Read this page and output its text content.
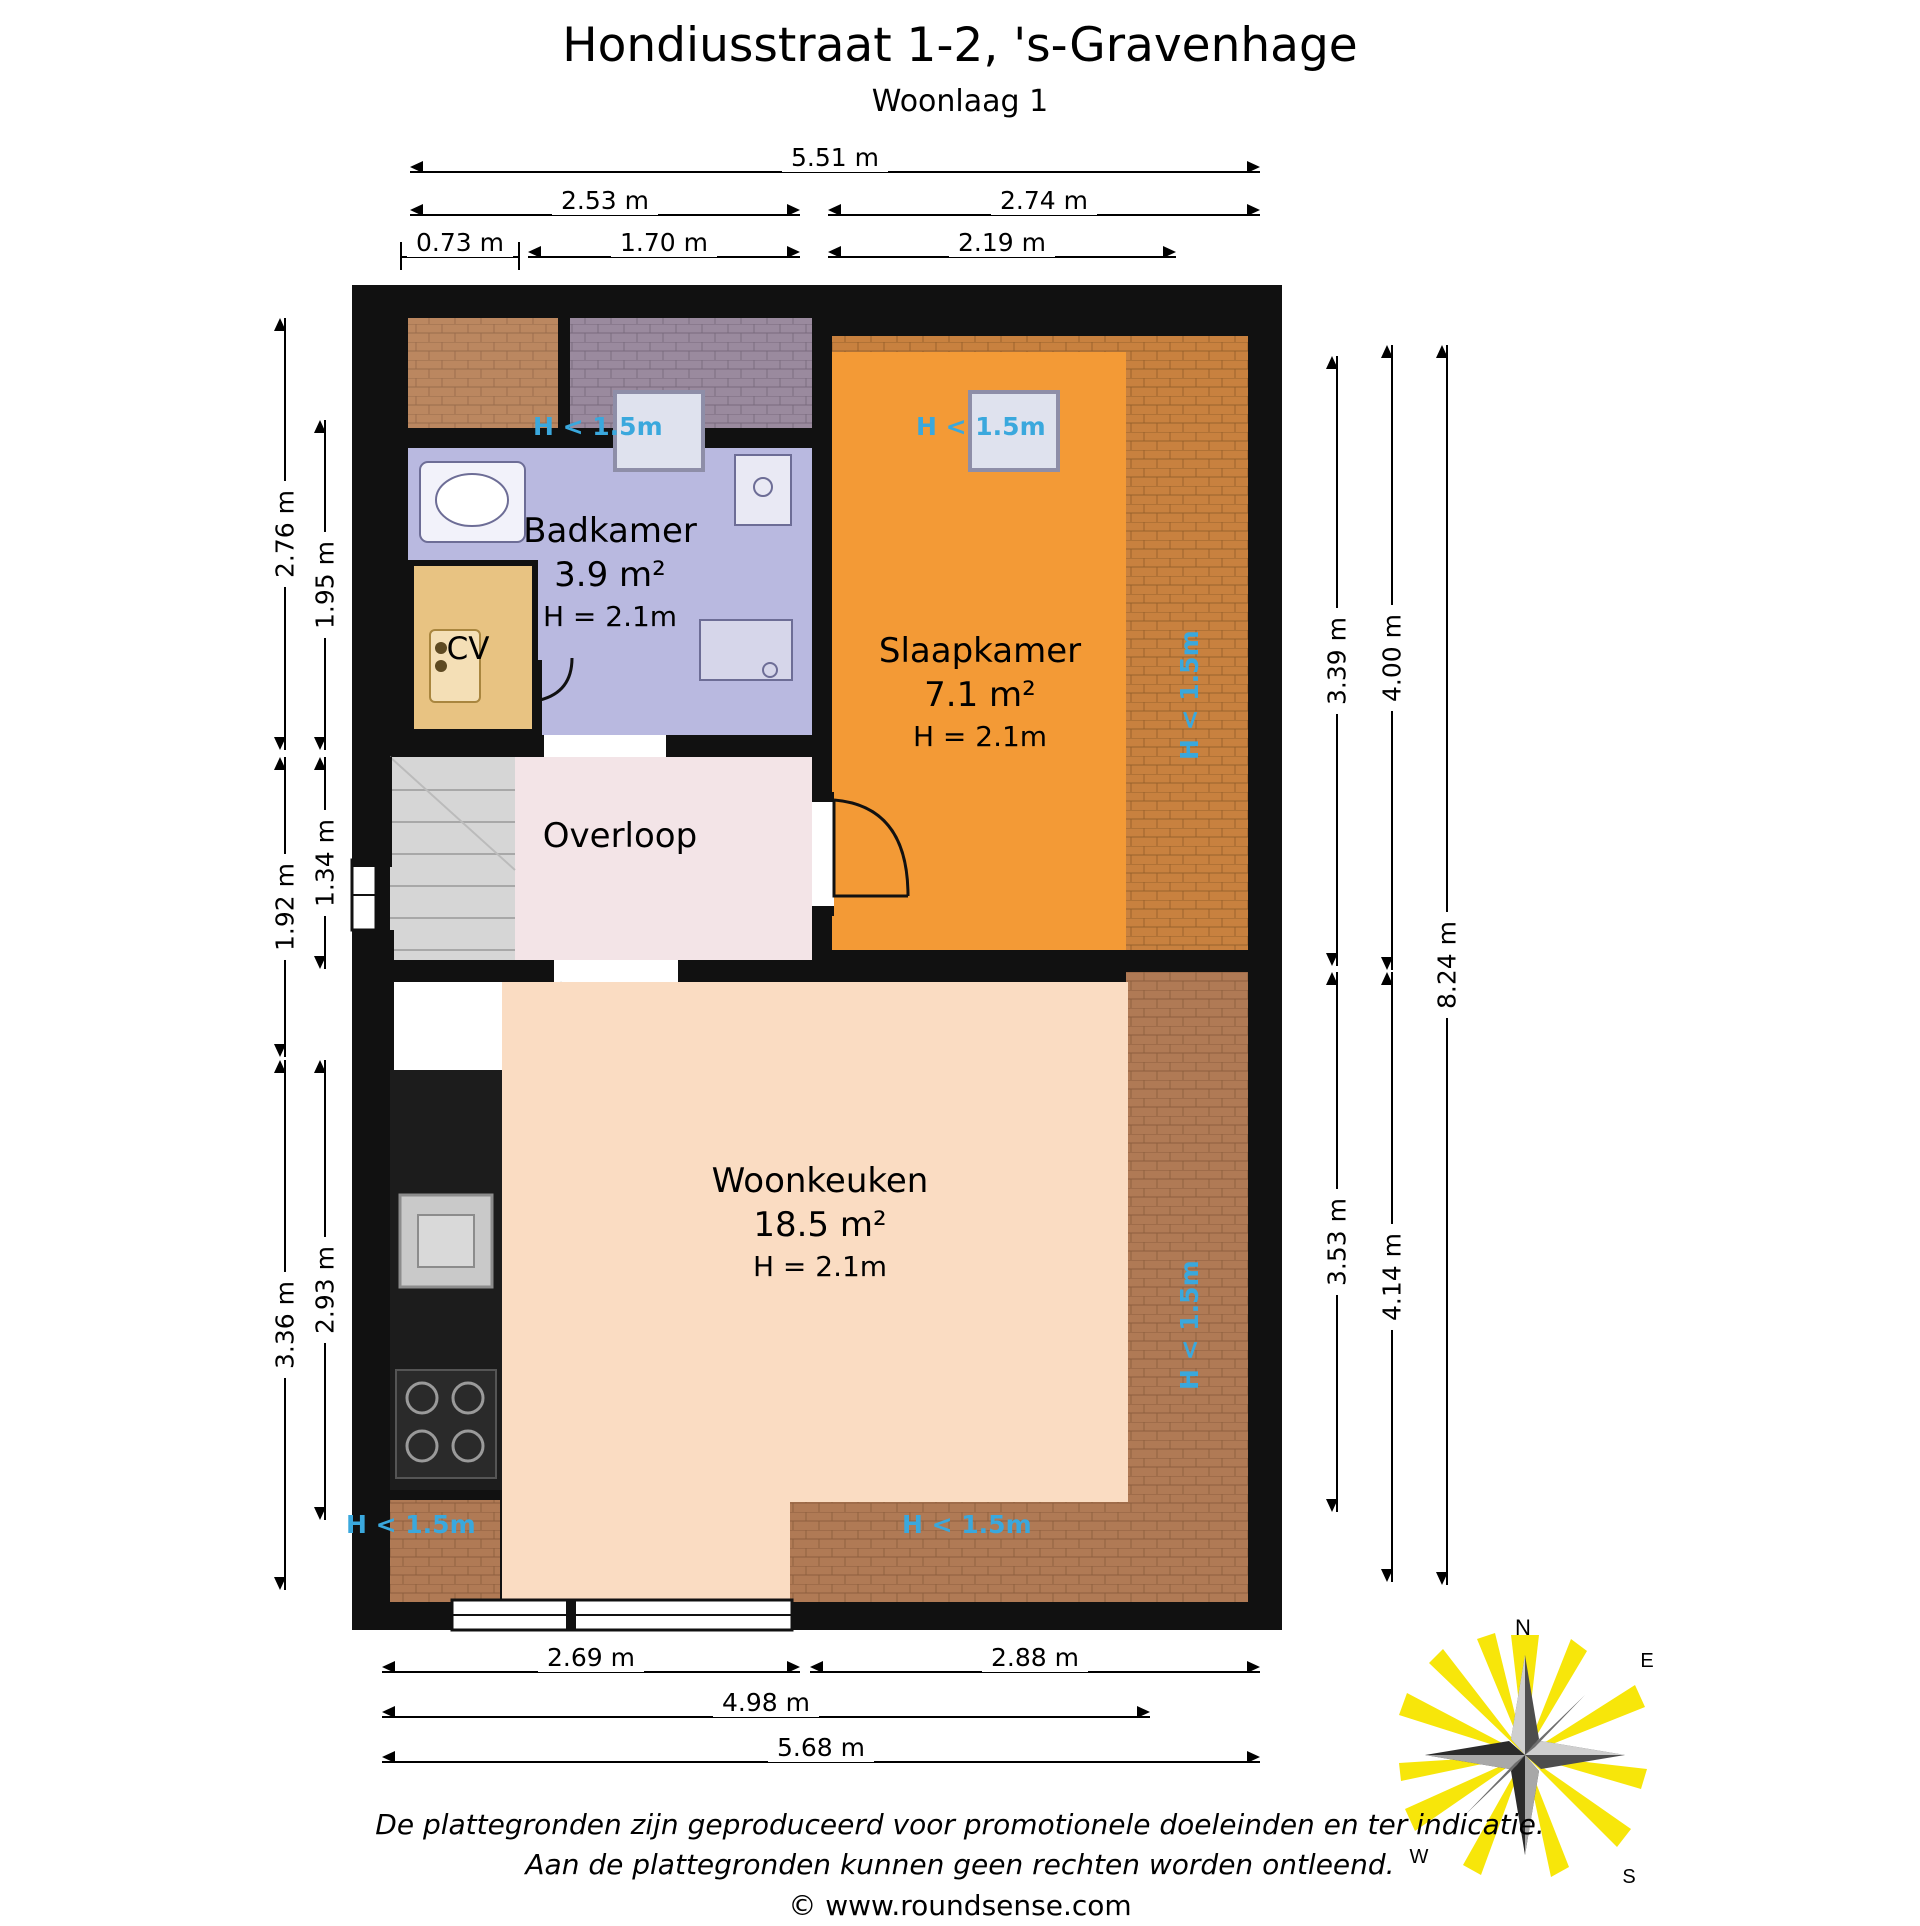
Hondiusstraat 1-2, 's-Gravenhage
Woonlaag 1
Badkamer
3.9 m²
H = 2.1m
CV
Overloop
Slaapkamer
7.1 m²
H = 2.1m
Woonkeuken
18.5 m²
H = 2.1m
H < 1.5m	H < 1.5m
H < 1.5m
H < 1.5m
H < 1.5m
H < 1.5m
5.51 m
2.53 m	2.74 m
0.73 m	1.70 m	2.19 m
2.69 m	2.88 m
4.98 m
5.68 m
2.76 m
1.95 m
1.92 m
1.34 m
3.36 m 2.93 m
3.39 m 4.00 m
3.53 m 4.14 m
8.24 m
N
E
S
W
De plattegronden zijn geproduceerd voor promotionele doeleinden en ter indicatie.
Aan de plattegronden kunnen geen rechten worden ontleend.
© www.roundsense.com
